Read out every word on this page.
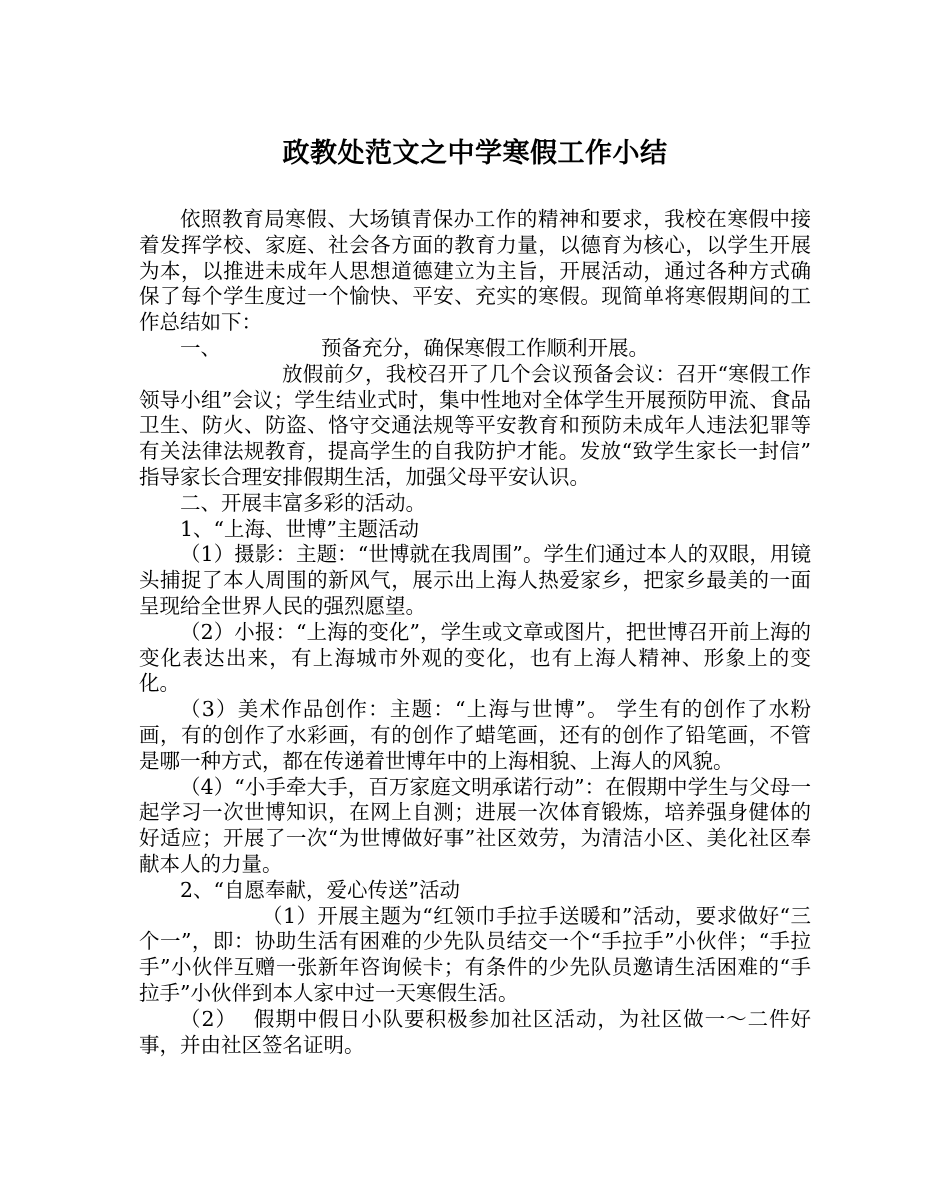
政教处范文之中学寒假工作小结

依照教育局寒假、大场镇青保办工作的精神和要求，我校在寒假中接着发挥学校、家庭、社会各方面的教育力量，以德育为核心，以学生开展为本，以推进未成年人思想道德建立为主旨，开展活动，通过各种方式确保了每个学生度过一个愉快、平安、充实的寒假。现简单将寒假期间的工作总结如下：

一、	预备充分，确保寒假工作顺利开展。

放假前夕，我校召开了几个会议预备会议：召开“寒假工作领导小组”会议；学生结业式时，集中性地对全体学生开展预防甲流、食品卫生、防火、防盗、恪守交通法规等平安教育和预防未成年人违法犯罪等有关法律法规教育，提高学生的自我防护才能。发放“致学生家长一封信” 指导家长合理安排假期生活，加强父母平安认识。

二、开展丰富多彩的活动。

1、“上海、世博”主题活动

（1）摄影：主题：“世博就在我周围”。学生们通过本人的双眼，用镜头捕捉了本人周围的新风气，展示出上海人热爱家乡，把家乡最美的一面呈现给全世界人民的强烈愿望。

（2）小报：“上海的变化”，学生或文章或图片，把世博召开前上海的变化表达出来，有上海城市外观的变化，也有上海人精神、形象上的变化。

（3）美术作品创作：主题：“上海与世博”。 学生有的创作了水粉画，有的创作了水彩画，有的创作了蜡笔画，还有的创作了铅笔画，不管是哪一种方式，都在传递着世博年中的上海相貌、上海人的风貌。

（4）“小手牵大手，百万家庭文明承诺行动”：在假期中学生与父母一起学习一次世博知识，在网上自测；进展一次体育锻炼，培养强身健体的好适应；开展了一次“为世博做好事”社区效劳，为清洁小区、美化社区奉献本人的力量。

2、“自愿奉献，爱心传送”活动

（1）开展主题为“红领巾手拉手送暖和”活动，要求做好“三个一”，即：协助生活有困难的少先队员结交一个“手拉手”小伙伴；“手拉手”小伙伴互赠一张新年咨询候卡；有条件的少先队员邀请生活困难的“手拉手”小伙伴到本人家中过一天寒假生活。

（2） 假期中假日小队要积极参加社区活动，为社区做一～二件好事，并由社区签名证明。
